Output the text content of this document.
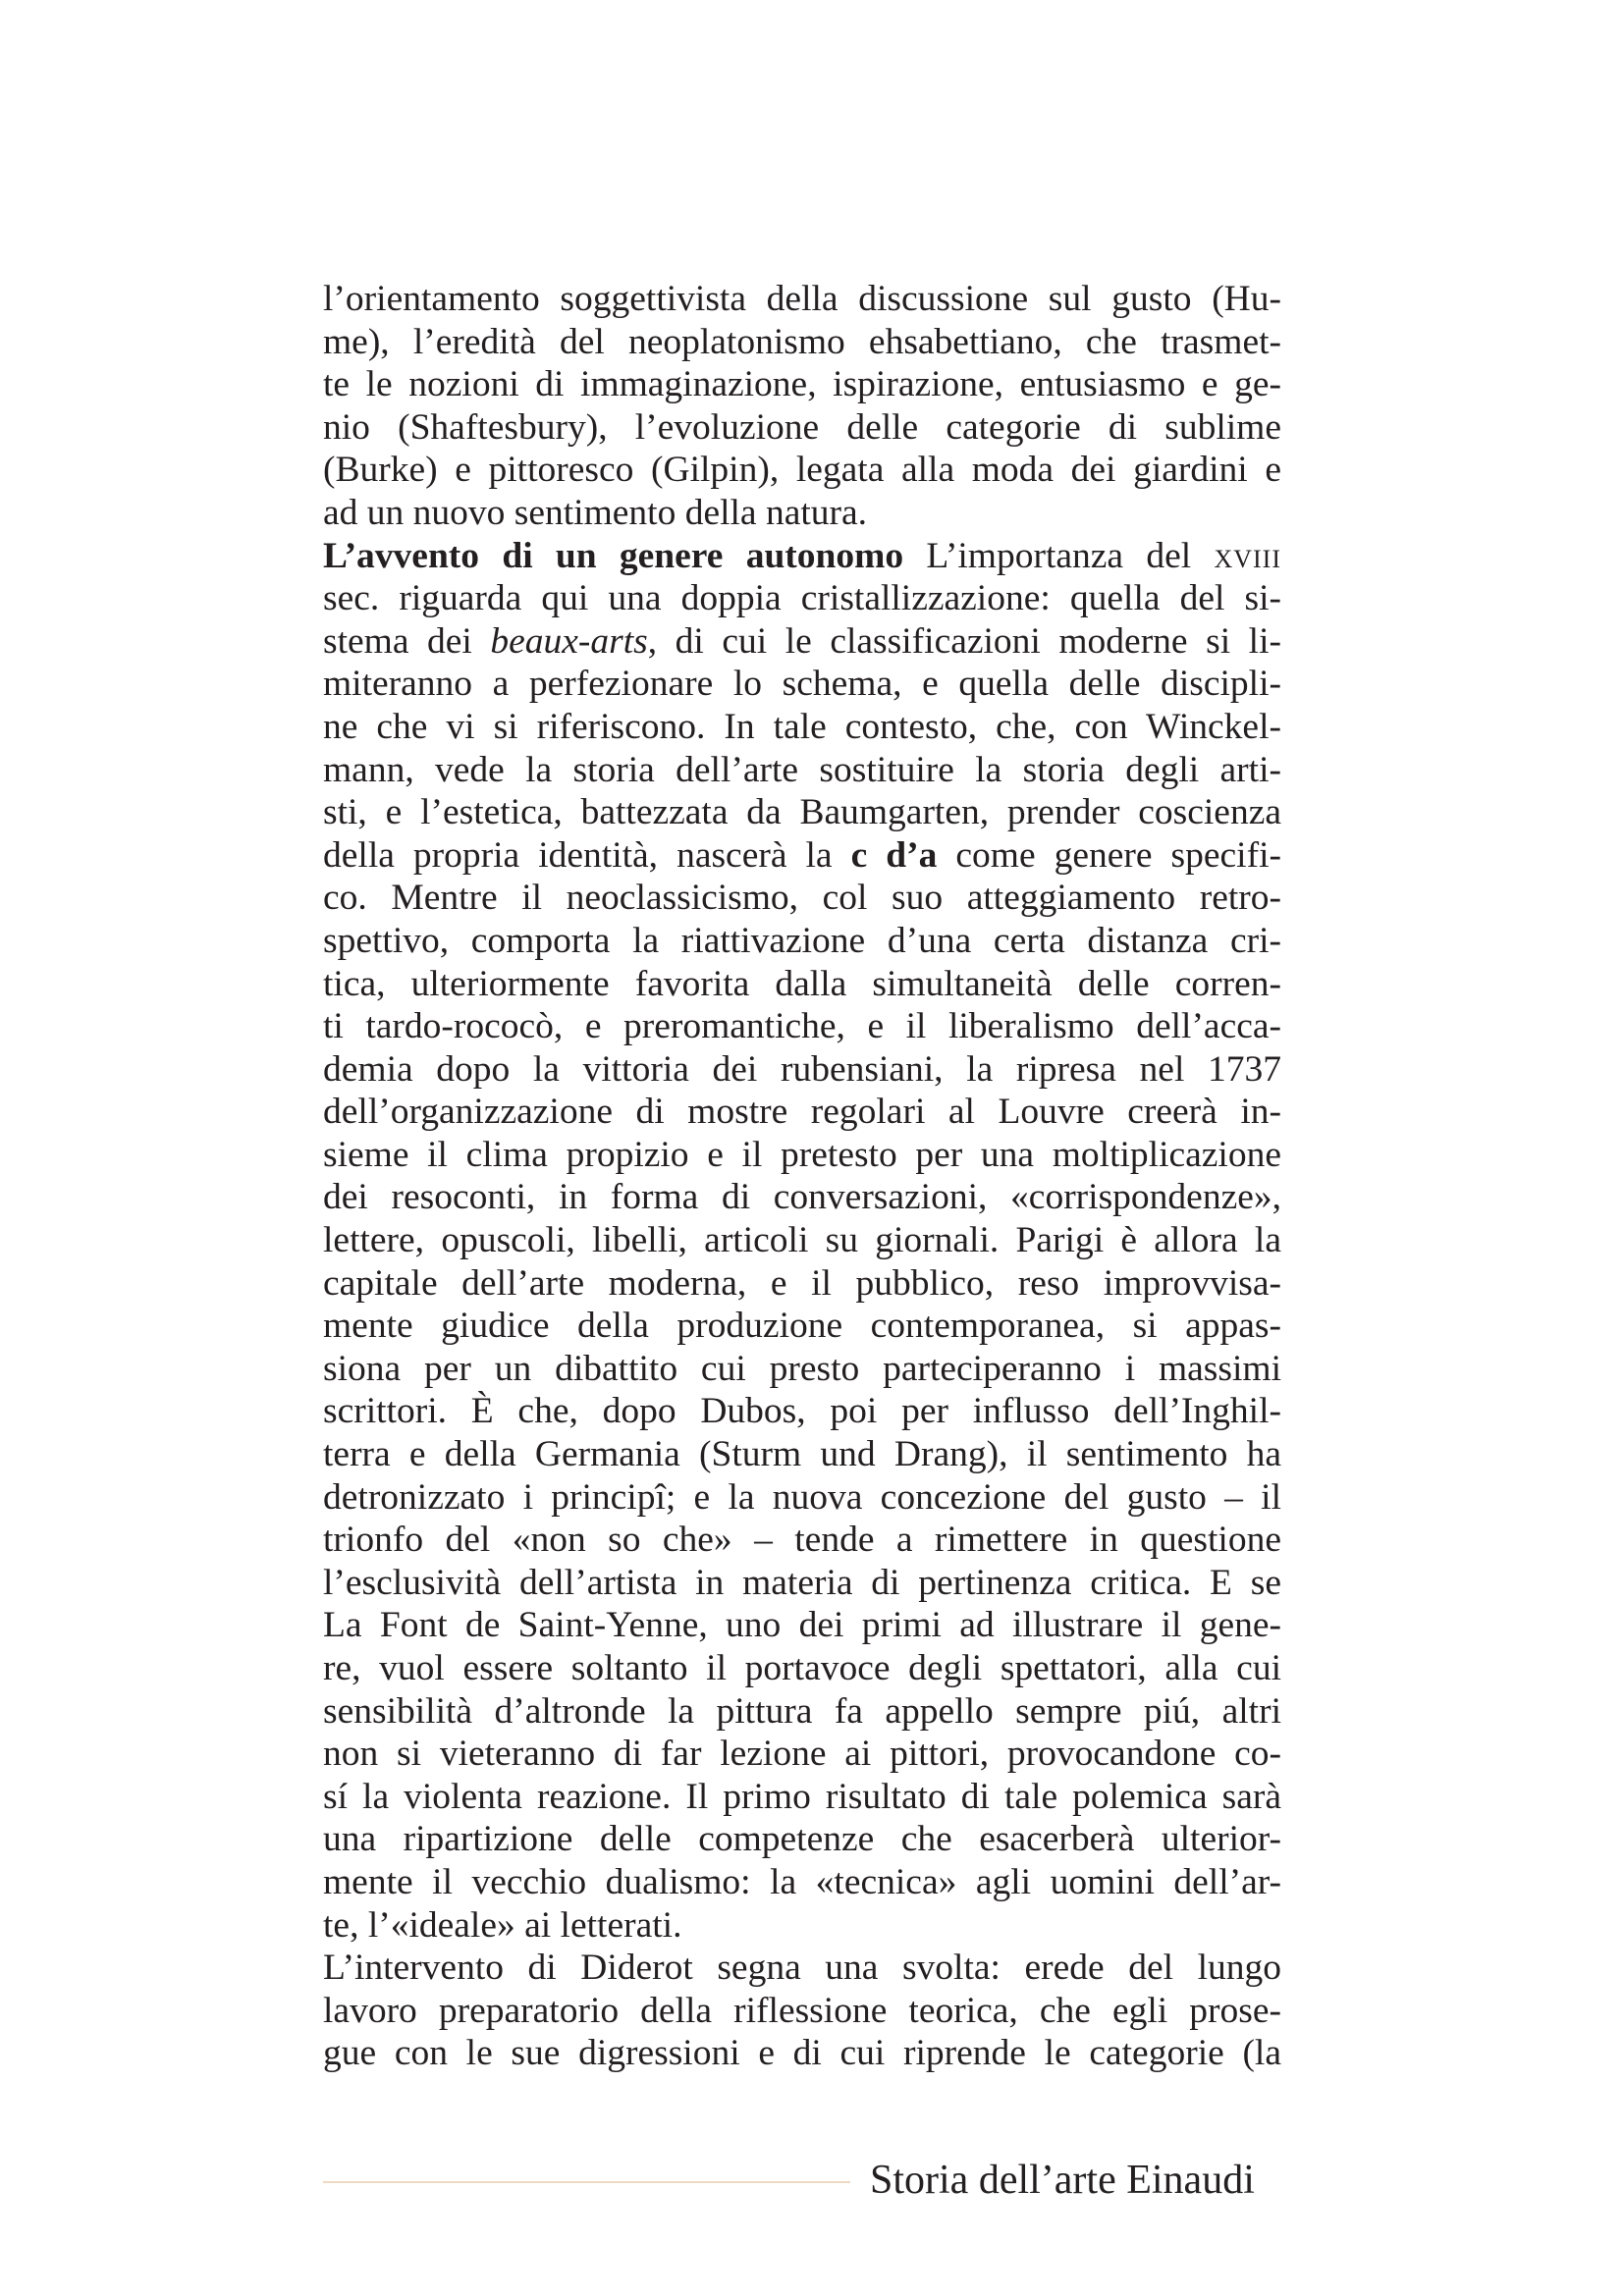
l’orientamento soggettivista della discussione sul gusto (Hu-
me), l’eredità del neoplatonismo ehsabettiano, che trasmet-
te le nozioni di immaginazione, ispirazione, entusiasmo e ge-
nio (Shaftesbury), l’evoluzione delle categorie di sublime
(Burke) e pittoresco (Gilpin), legata alla moda dei giardini e
ad un nuovo sentimento della natura.
L’avvento di un genere autonomo L’importanza del xviii
sec. riguarda qui una doppia cristallizzazione: quella del si-
stema dei beaux-arts, di cui le classificazioni moderne si li-
miteranno a perfezionare lo schema, e quella delle discipli-
ne che vi si riferiscono. In tale contesto, che, con Winckel-
mann, vede la storia dell’arte sostituire la storia degli arti-
sti, e l’estetica, battezzata da Baumgarten, prender coscienza
della propria identità, nascerà la c d’a come genere specifi-
co. Mentre il neoclassicismo, col suo atteggiamento retro-
spettivo, comporta la riattivazione d’una certa distanza cri-
tica, ulteriormente favorita dalla simultaneità delle corren-
ti tardo-rococò, e preromantiche, e il liberalismo dell’acca-
demia dopo la vittoria dei rubensiani, la ripresa nel 1737
dell’organizzazione di mostre regolari al Louvre creerà in-
sieme il clima propizio e il pretesto per una moltiplicazione
dei resoconti, in forma di conversazioni, «corrispondenze»,
lettere, opuscoli, libelli, articoli su giornali. Parigi è allora la
capitale dell’arte moderna, e il pubblico, reso improvvisa-
mente giudice della produzione contemporanea, si appas-
siona per un dibattito cui presto parteciperanno i massimi
scrittori. È che, dopo Dubos, poi per influsso dell’Inghil-
terra e della Germania (Sturm und Drang), il sentimento ha
detronizzato i principî; e la nuova concezione del gusto – il
trionfo del «non so che» – tende a rimettere in questione
l’esclusività dell’artista in materia di pertinenza critica. E se
La Font de Saint-Yenne, uno dei primi ad illustrare il gene-
re, vuol essere soltanto il portavoce degli spettatori, alla cui
sensibilità d’altronde la pittura fa appello sempre piú, altri
non si vieteranno di far lezione ai pittori, provocandone co-
sí la violenta reazione. Il primo risultato di tale polemica sarà
una ripartizione delle competenze che esacerberà ulterior-
mente il vecchio dualismo: la «tecnica» agli uomini dell’ar-
te, l’«ideale» ai letterati.
L’intervento di Diderot segna una svolta: erede del lungo
lavoro preparatorio della riflessione teorica, che egli prose-
gue con le sue digressioni e di cui riprende le categorie (la
Storia dell’arte Einaudi
